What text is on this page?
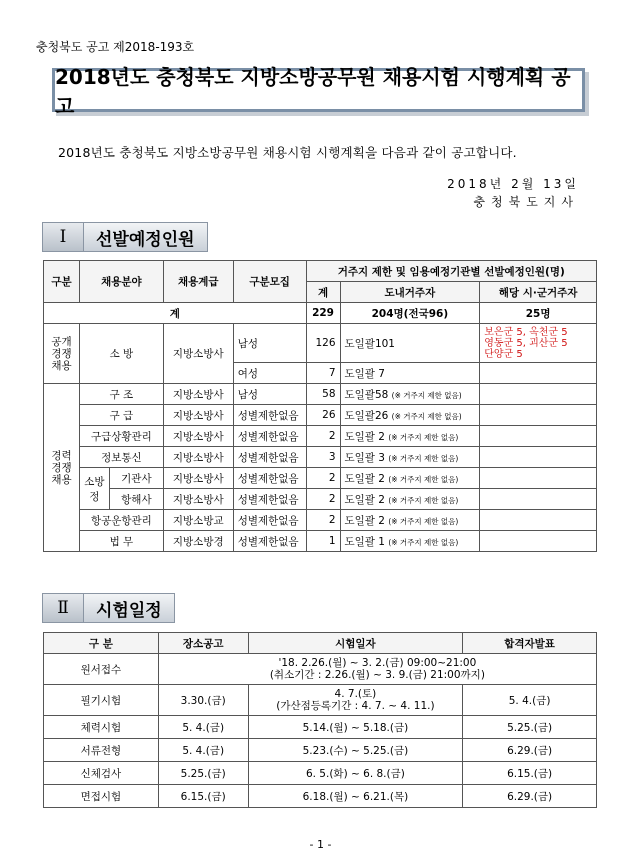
충청북도 공고 제2018-193호
2018년도 충청북도 지방소방공무원 채용시험 시행계획 공고
2018년도 충청북도 지방소방공무원 채용시험 시행계획을 다음과 같이 공고합니다.
2018년 2월 13일
충청북도지사
Ⅰ	선발예정인원
구분	채용분야		채용계급	구분모집	거주지 제한 및 임용예정기관별 선발예정인원(명)		
					계	도내거주자	해당 시·군거주자
계					229	204명(전국96)	25명
공개
경쟁
채용	소 방		지방소방사	남성	126	도일괄101	보은군 5, 옥천군 5
영동군 5, 괴산군 5
단양군 5
				여성	7	도일괄 7	
경력
경쟁
채용	구 조		지방소방사	남성	58	도일괄58 (※ 거주지 제한 없음)	
	구 급		지방소방사	성별제한없음	26	도일괄26 (※ 거주지 제한 없음)	
	구급상황관리		지방소방사	성별제한없음	2	도일괄 2 (※ 거주지 제한 없음)	
	정보통신		지방소방사	성별제한없음	3	도일괄 3 (※ 거주지 제한 없음)	
	소방정	기관사	지방소방사	성별제한없음	2	도일괄 2 (※ 거주지 제한 없음)	
		항해사	지방소방사	성별제한없음	2	도일괄 2 (※ 거주지 제한 없음)	
	항공운항관리		지방소방교	성별제한없음	2	도일괄 2 (※ 거주지 제한 없음)	
	법 무		지방소방경	성별제한없음	1	도일괄 1 (※ 거주지 제한 없음)	
Ⅱ	시험일정
구 분	장소공고	시험일자	합격자발표
원서접수	'18. 2.26.(월) ~ 3. 2.(금) 09:00~21:00
(취소기간 : 2.26.(월) ~ 3. 9.(금) 21:00까지)		

필기시험	3.30.(금)	4. 7.(토)
(가산점등록기간 : 4. 7. ~ 4. 11.)	5. 4.(금)
체력시험	5. 4.(금)	5.14.(월) ~ 5.18.(금)	5.25.(금)
서류전형	5. 4.(금)	5.23.(수) ~ 5.25.(금)	6.29.(금)
신체검사	5.25.(금)	6. 5.(화) ~ 6. 8.(금)	6.15.(금)
면접시험	6.15.(금)	6.18.(월) ~ 6.21.(목)	6.29.(금)
- 1 -
